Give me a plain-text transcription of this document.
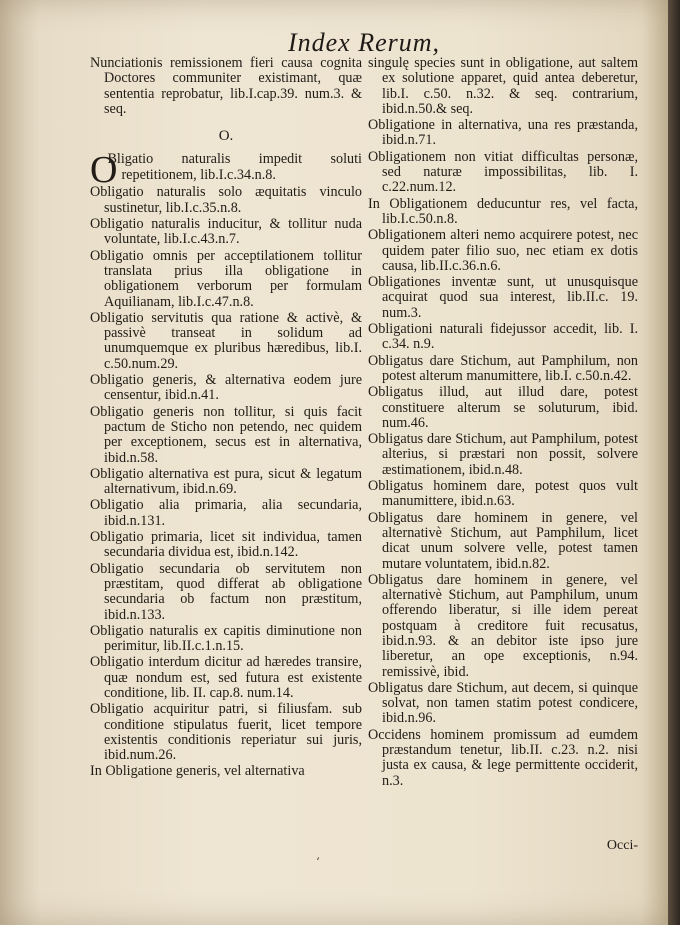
Index Rerum,
Nunciationis remissionem fieri causa cognita Doctores communiter existimant, quæ sententia reprobatur, lib.I.cap.39. num.3. & seq.
O.
O
Bligatio naturalis impedit soluti repetitionem, lib.I.c.34.n.8.
Obligatio naturalis solo æquitatis vinculo sustinetur, lib.I.c.35.n.8.
Obligatio naturalis inducitur, & tollitur nuda voluntate, lib.I.c.43.n.7.
Obligatio omnis per acceptilationem tollitur translata prius illa obligatione in obligationem verborum per formulam Aquilianam, lib.I.c.47.n.8.
Obligatio servitutis qua ratione & activè, & passivè transeat in solidum ad unumquemque ex pluribus hæredibus, lib.I. c.50.num.29.
Obligatio generis, & alternativa eodem jure censentur, ibid.n.41.
Obligatio generis non tollitur, si quis facit pactum de Sticho non petendo, nec quidem per exceptionem, secus est in alternativa, ibid.n.58.
Obligatio alternativa est pura, sicut & legatum alternativum, ibid.n.69.
Obligatio alia primaria, alia secundaria, ibid.n.131.
Obligatio primaria, licet sit individua, tamen secundaria dividua est, ibid.n.142.
Obligatio secundaria ob servitutem non præstitam, quod differat ab obligatione secundaria ob factum non præstitum, ibid.n.133.
Obligatio naturalis ex capitis diminutione non perimitur, lib.II.c.1.n.15.
Obligatio interdum dicitur ad hæredes transire, quæ nondum est, sed futura est existente conditione, lib. II. cap.8. num.14.
Obligatio acquiritur patri, si filiusfam. sub conditione stipulatus fuerit, licet tempore existentis conditionis reperiatur sui juris, ibid.num.26.
In Obligatione generis, vel alternativa
singulę species sunt in obligatione, aut saltem ex solutione apparet, quid antea deberetur, lib.I. c.50. n.32. & seq. contrarium, ibid.n.50.& seq.
Obligatione in alternativa, una res præstanda, ibid.n.71.
Obligationem non vitiat difficultas personæ, sed naturæ impossibilitas, lib. I. c.22.num.12.
In Obligationem deducuntur res, vel facta, lib.I.c.50.n.8.
Obligationem alteri nemo acquirere potest, nec quidem pater filio suo, nec etiam ex dotis causa, lib.II.c.36.n.6.
Obligationes inventæ sunt, ut unusquisque acquirat quod sua interest, lib.II.c. 19. num.3.
Obligationi naturali fidejussor accedit, lib. I. c.34. n.9.
Obligatus dare Stichum, aut Pamphilum, non potest alterum manumittere, lib.I. c.50.n.42.
Obligatus illud, aut illud dare, potest constituere alterum se soluturum, ibid. num.46.
Obligatus dare Stichum, aut Pamphilum, potest alterius, si præstari non possit, solvere æstimationem, ibid.n.48.
Obligatus hominem dare, potest quos vult manumittere, ibid.n.63.
Obligatus dare hominem in genere, vel alternativè Stichum, aut Pamphilum, licet dicat unum solvere velle, potest tamen mutare voluntatem, ibid.n.82.
Obligatus dare hominem in genere, vel alternativè Stichum, aut Pamphilum, unum offerendo liberatur, si ille idem pereat postquam à creditore fuit recusatus, ibid.n.93. & an debitor iste ipso jure liberetur, an ope exceptionis, n.94. remissivè, ibid.
Obligatus dare Stichum, aut decem, si quinque solvat, non tamen statim potest condicere, ibid.n.96.
Occidens hominem promissum ad eumdem præstandum tenetur, lib.II. c.23. n.2. nisi justa ex causa, & lege permittente occiderit, n.3.
Occi-
‘
